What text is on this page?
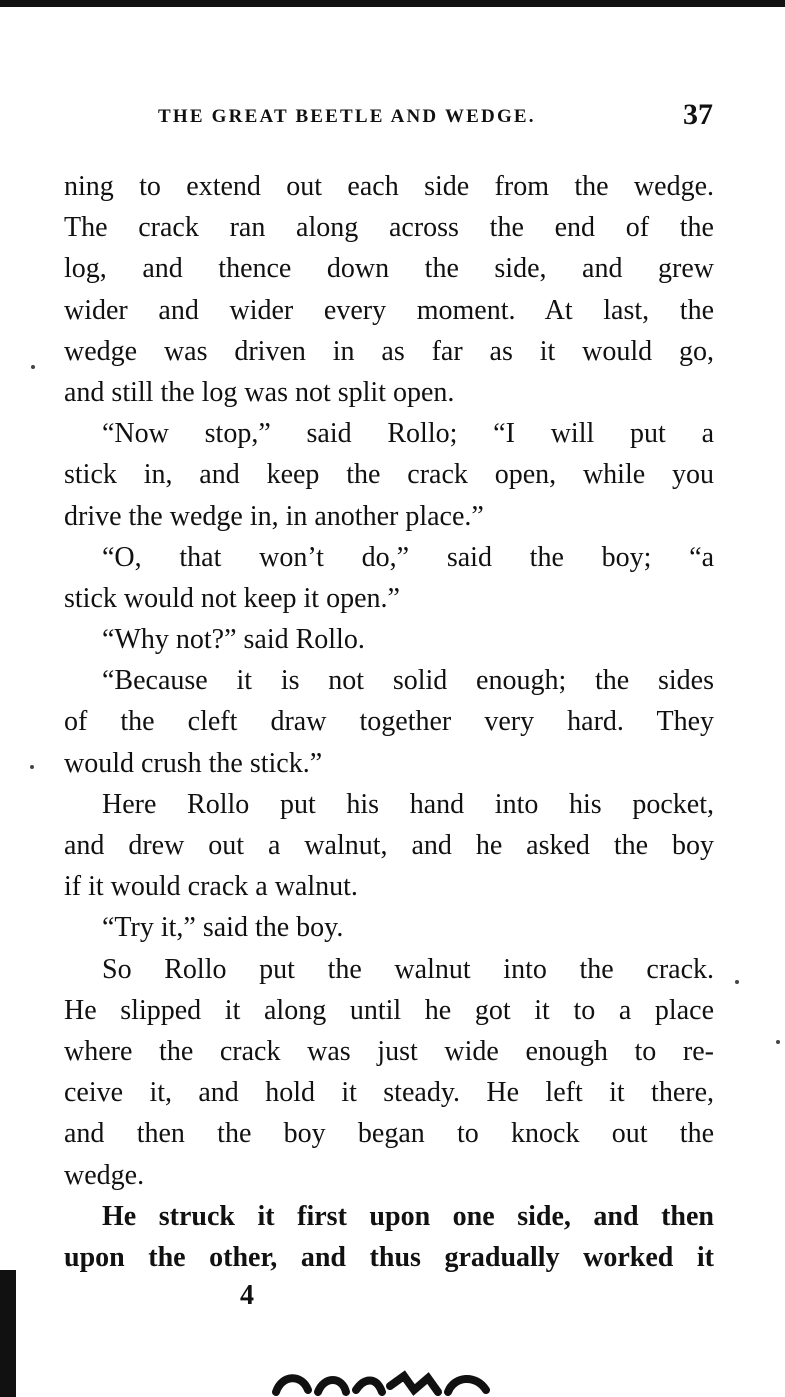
THE GREAT BEETLE AND WEDGE.	37
ning to extend out each side from the wedge.
The crack ran along across the end of the
log, and thence down the side, and grew
wider and wider every moment. At last, the
wedge was driven in as far as it would go,
and still the log was not split open.
“Now stop,” said Rollo; “I will put a
stick in, and keep the crack open, while you
drive the wedge in, in another place.”
“O, that won’t do,” said the boy; “a
stick would not keep it open.”
“Why not?” said Rollo.
“Because it is not solid enough; the sides
of the cleft draw together very hard. They
would crush the stick.”
Here Rollo put his hand into his pocket,
and drew out a walnut, and he asked the boy
if it would crack a walnut.
“Try it,” said the boy.
So Rollo put the walnut into the crack.
He slipped it along until he got it to a place
where the crack was just wide enough to re-
ceive it, and hold it steady. He left it there,
and then the boy began to knock out the
wedge.
He struck it first upon one side, and then
upon the other, and thus gradually worked it
4
